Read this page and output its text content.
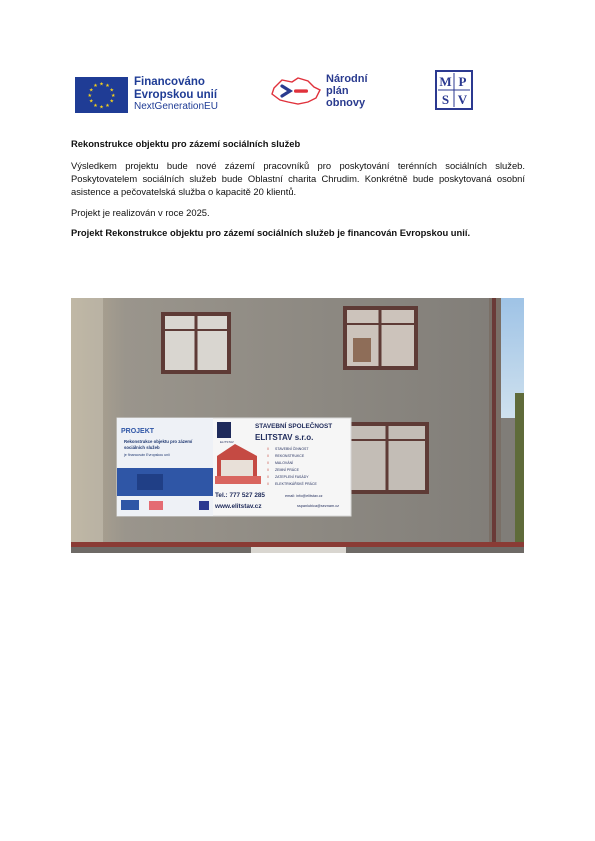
★ ★
★
★
★
★
★
★
★
★
★
★	Financováno
Evropskou unií
NextGenerationEU
Národní
plán
obnovy
M P
S V

Rekonstrukce objektu pro zázemí sociálních služeb

Výsledkem projektu bude nové zázemí pracovníků pro poskytování terénních sociálních služeb. Poskytovatelem sociálních služeb bude Oblastní charita Chrudim. Konkrétně bude poskytovaná osobní asistence a pečovatelská služba o kapacitě 20 klientů.

Projekt je realizován v roce 2025.

Projekt Rekonstrukce objektu pro zázemí sociálních služeb je financován Evropskou unií.

PROJEKT
Rekonstrukce objektu pro zázemí
sociálních služeb
je financován Evropskou unií
ELITSTAV
STAVEBNÍ SPOLEČNOST
ELITSTAV s.r.o.
// STAVEBNÍ ČINNOST
// REKONSTRUKCE
// MALOVÁNÍ
// ZEMNÍ PRÁCE
// ZATEPLENÍ FASÁDY
// ELEKTRIKÁŘSKÉ PRÁCE
Tel.: 777 527 285
www.elitstav.cz
email: info@elitstav.cz
sspanlubica@seznam.cz
